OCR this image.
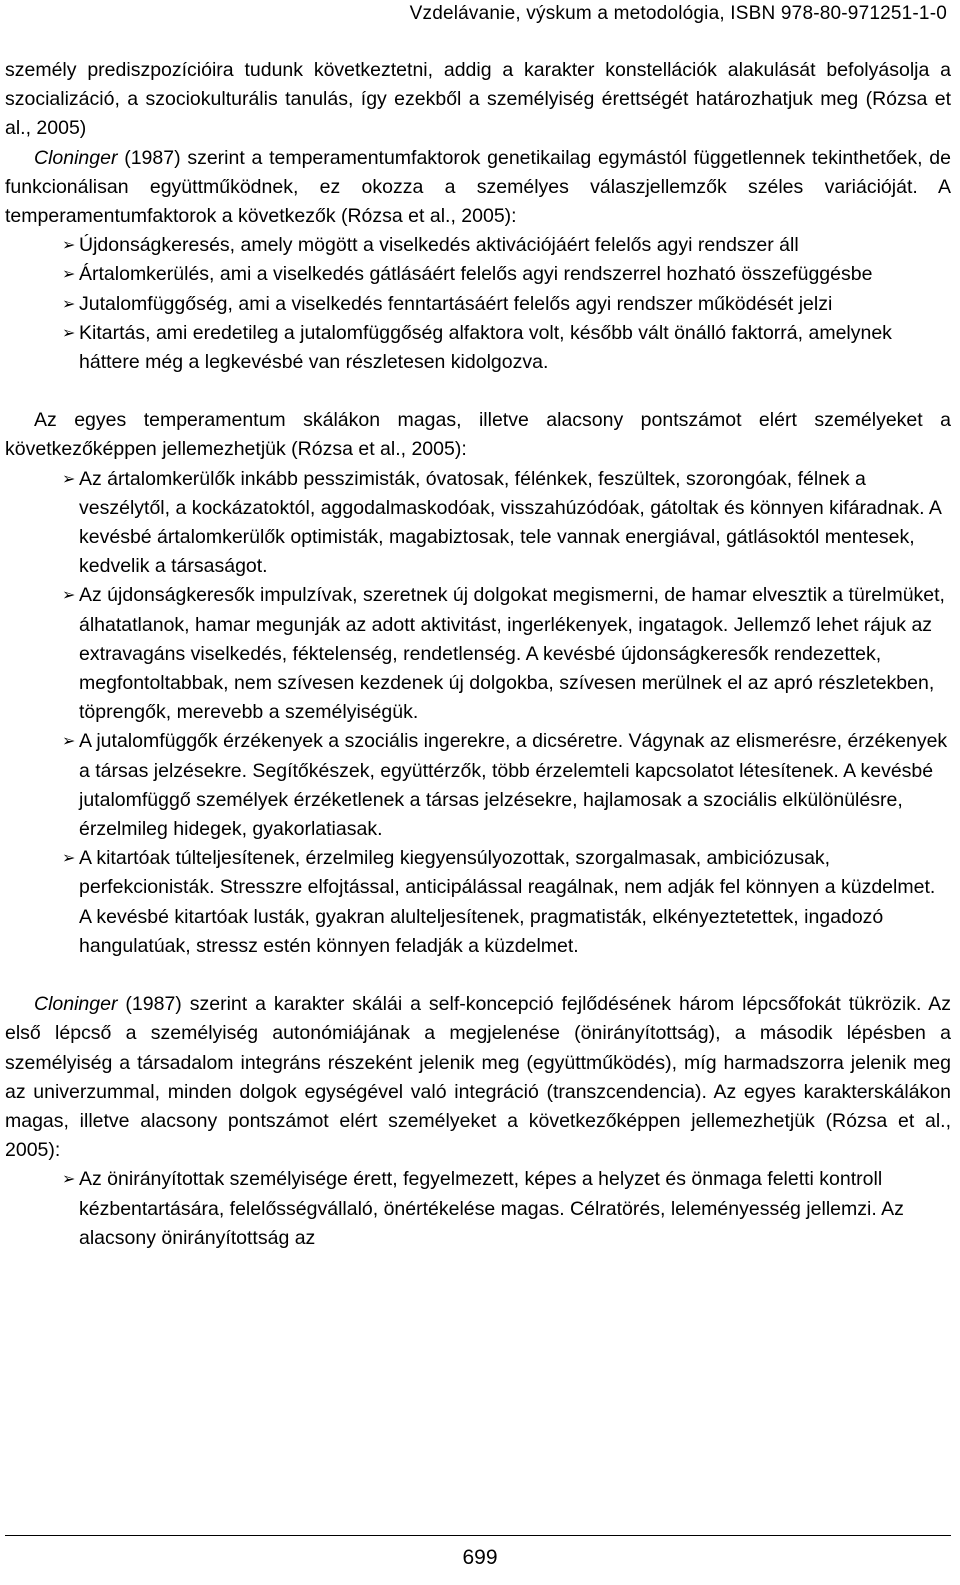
Vzdelávanie, výskum a metodológia, ISBN 978-80-971251-1-0

személy prediszpozícióira tudunk következtetni, addig a karakter konstellációk alakulását befolyásolja a szocializáció, a szociokulturális tanulás, így ezekből a személyiség érettségét határozhatjuk meg (Rózsa et al., 2005)

Cloninger (1987) szerint a temperamentumfaktorok genetikailag egymástól függetlennek tekinthetőek, de funkcionálisan együttműködnek, ez okozza a személyes válaszjellemzők széles variációját. A temperamentumfaktorok a következők (Rózsa et al., 2005):

➢ Újdonságkeresés, amely mögött a viselkedés aktivációjáért felelős agyi rendszer áll
➢ Ártalomkerülés, ami a viselkedés gátlásáért felelős agyi rendszerrel hozható összefüggésbe
➢ Jutalomfüggőség, ami a viselkedés fenntartásáért felelős agyi rendszer működését jelzi
➢ Kitartás, ami eredetileg a jutalomfüggőség alfaktora volt, később vált önálló faktorrá, amelynek háttere még a legkevésbé van részletesen kidolgozva.

Az egyes temperamentum skálákon magas, illetve alacsony pontszámot elért személyeket a következőképpen jellemezhetjük (Rózsa et al., 2005):

➢ Az ártalomkerülők inkább pesszimisták, óvatosak, félénkek, feszültek, szorongóak, félnek a veszélytől, a kockázatoktól, aggodalmaskodóak, visszahúzódóak, gátoltak és könnyen kifáradnak. A kevésbé ártalomkerülők optimisták, magabiztosak, tele vannak energiával, gátlásoktól mentesek, kedvelik a társaságot.
➢ Az újdonságkeresők impulzívak, szeretnek új dolgokat megismerni, de hamar elvesztik a türelmüket, álhatatlanok, hamar megunják az adott aktivitást, ingerlékenyek, ingatagok. Jellemző lehet rájuk az extravagáns viselkedés, féktelenség, rendetlenség. A kevésbé újdonságkeresők rendezettek, megfontoltabbak, nem szívesen kezdenek új dolgokba, szívesen merülnek el az apró részletekben, töprengők, merevebb a személyiségük.
➢ A jutalomfüggők érzékenyek a szociális ingerekre, a dicséretre. Vágynak az elismerésre, érzékenyek a társas jelzésekre. Segítőkészek, együttérzők, több érzelemteli kapcsolatot létesítenek. A kevésbé jutalomfüggő személyek érzéketlenek a társas jelzésekre, hajlamosak a szociális elkülönülésre, érzelmileg hidegek, gyakorlatiasak.
➢ A kitartóak túlteljesítenek, érzelmileg kiegyensúlyozottak, szorgalmasak, ambiciózusak, perfekcionisták. Stresszre elfojtással, anticipálással reagálnak, nem adják fel könnyen a küzdelmet. A kevésbé kitartóak lusták, gyakran alulteljesítenek, pragmatisták, elkényeztetettek, ingadozó hangulatúak, stressz estén könnyen feladják a küzdelmet.

Cloninger (1987) szerint a karakter skálái a self-koncepció fejlődésének három lépcsőfokát tükrözik. Az első lépcső a személyiség autonómiájának a megjelenése (önirányítottság), a második lépésben a személyiség a társadalom integráns részeként jelenik meg (együttműködés), míg harmadszorra jelenik meg az univerzummal, minden dolgok egységével való integráció (transzcendencia). Az egyes karakterskálákon magas, illetve alacsony pontszámot elért személyeket a következőképpen jellemezhetjük (Rózsa et al., 2005):

➢ Az önirányítottak személyisége érett, fegyelmezett, képes a helyzet és önmaga feletti kontroll kézbentartására, felelősségvállaló, önértékelése magas. Célratörés, leleményesség jellemzi. Az alacsony önirányítottság az
699
